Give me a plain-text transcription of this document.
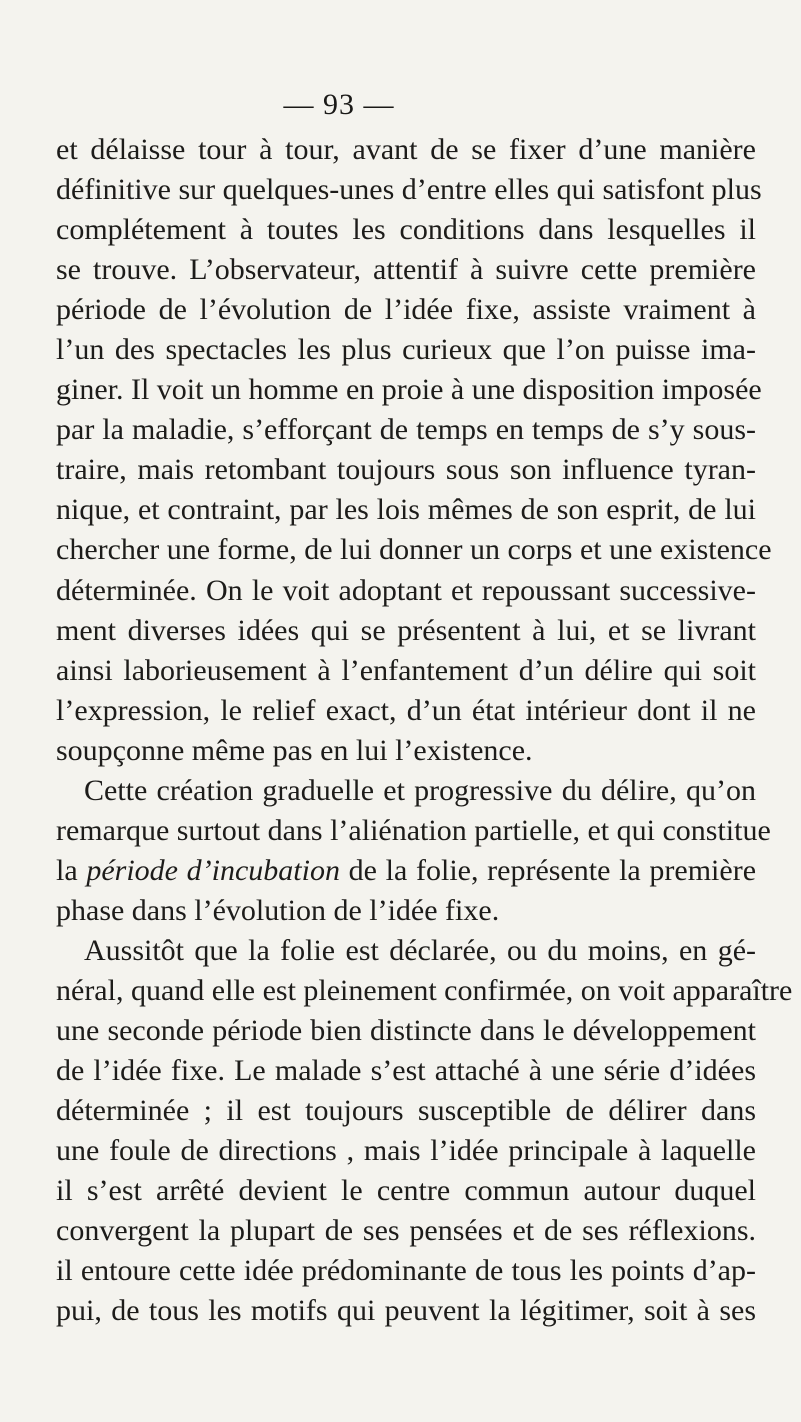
— 93 —
et délaisse tour à tour, avant de se fixer d’une manière
définitive sur quelques-unes d’entre elles qui satisfont plus
complétement à toutes les conditions dans lesquelles il
se trouve. L’observateur, attentif à suivre cette première
période de l’évolution de l’idée fixe, assiste vraiment à
l’un des spectacles les plus curieux que l’on puisse ima-
giner. Il voit un homme en proie à une disposition imposée
par la maladie, s’efforçant de temps en temps de s’y sous-
traire, mais retombant toujours sous son influence tyran-
nique, et contraint, par les lois mêmes de son esprit, de lui
chercher une forme, de lui donner un corps et une existence
déterminée. On le voit adoptant et repoussant successive-
ment diverses idées qui se présentent à lui, et se livrant
ainsi laborieusement à l’enfantement d’un délire qui soit
l’expression, le relief exact, d’un état intérieur dont il ne
soupçonne même pas en lui l’existence.
Cette création graduelle et progressive du délire, qu’on
remarque surtout dans l’aliénation partielle, et qui constitue
la période d’incubation de la folie, représente la première
phase dans l’évolution de l’idée fixe.
Aussitôt que la folie est déclarée, ou du moins, en gé-
néral, quand elle est pleinement confirmée, on voit apparaître
une seconde période bien distincte dans le développement
de l’idée fixe. Le malade s’est attaché à une série d’idées
déterminée ; il est toujours susceptible de délirer dans
une foule de directions , mais l’idée principale à laquelle
il s’est arrêté devient le centre commun autour duquel
convergent la plupart de ses pensées et de ses réflexions.
il entoure cette idée prédominante de tous les points d’ap-
pui, de tous les motifs qui peuvent la légitimer, soit à ses
